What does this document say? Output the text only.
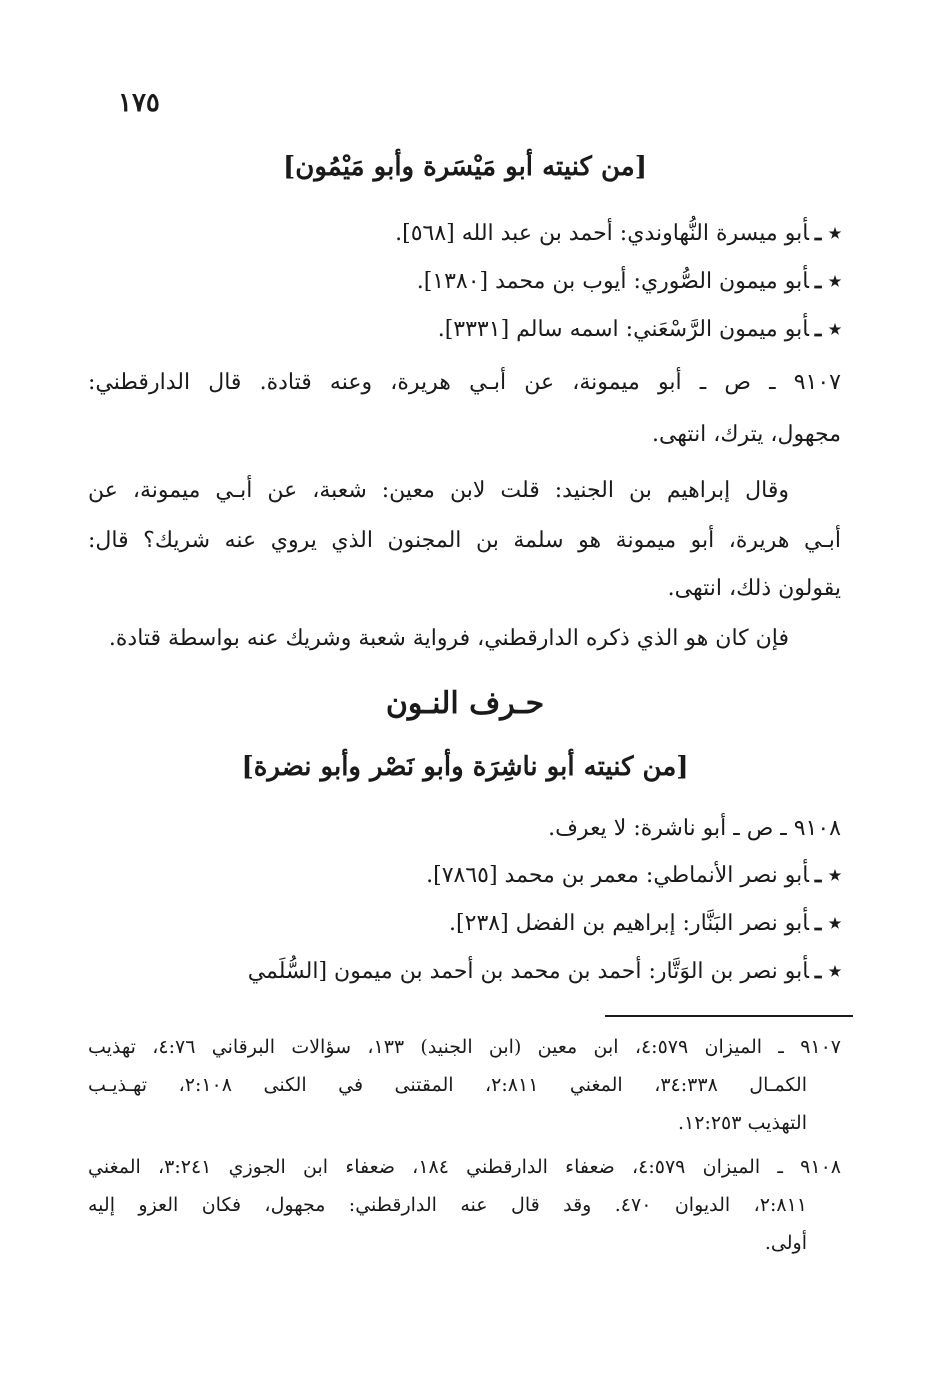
١٧٥
[من كنيته أبو مَيْسَرة وأبو مَيْمُون]
٭ ـأبو ميسرة النُّهاوندي: أحمد بن عبد الله [٥٦٨].
٭ ـأبو ميمون الصُّوري: أيوب بن محمد [١٣٨٠].
٭ ـأبو ميمون الرَّسْعَني: اسمه سالم [٣٣٣١].
٩١٠٧ ـ ص ـ أبو ميمونة، عن أبـي هريرة، وعنه قتادة. قال الدارقطني:
مجهول، يترك، انتهى.
وقال إبراهيم بن الجنيد: قلت لابن معين: شعبة، عن أبـي ميمونة، عن
أبـي هريرة، أبو ميمونة هو سلمة بن المجنون الذي يروي عنه شريك؟ قال:
يقولون ذلك، انتهى.
فإن كان هو الذي ذكره الدارقطني، فرواية شعبة وشريك عنه بواسطة قتادة.
حـرف النـون
[من كنيته أبو ناشِرَة وأبو نَصْر وأبو نضرة]
٩١٠٨ ـ ص ـ أبو ناشرة: لا يعرف.
٭ ـأبو نصر الأنماطي: معمر بن محمد [٧٨٦٥].
٭ ـأبو نصر البَنَّار: إبراهيم بن الفضل [٢٣٨].
٭ ـأبو نصر بن الوَتَّار: أحمد بن محمد بن أحمد بن ميمون [السُّلَمي
٩١٠٧ ـ الميزان ٤:٥٧٩، ابن معين (ابن الجنيد) ١٣٣، سؤالات البرقاني ٤:٧٦، تهذيب
الكمـال ٣٤:٣٣٨، المغني ٢:٨١١، المقتنى في الكنى ٢:١٠٨، تهـذيـب
التهذيب ١٢:٢٥٣.
٩١٠٨ ـ الميزان ٤:٥٧٩، ضعفاء الدارقطني ١٨٤، ضعفاء ابن الجوزي ٣:٢٤١، المغني
٢:٨١١، الديوان ٤٧٠. وقد قال عنه الدارقطني: مجهول، فكان العزو إليه
أولى.
